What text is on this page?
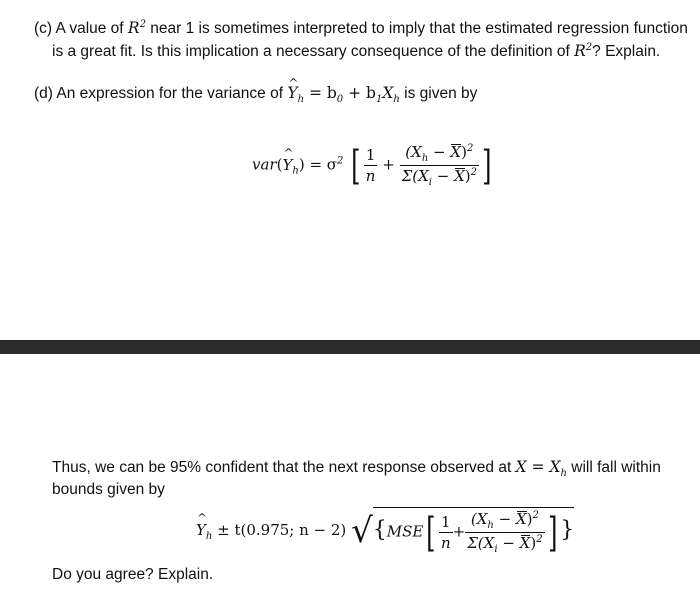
(c) A value of $R^2$ near 1 is sometimes interpreted to imply that the estimated regression function
is a great fit. Is this implication a necessary consequence of the definition of $R^2$? Explain.
(d) An expression for the variance of ^ $Y_h = b_0 + b_1X_h$ is given by
var(^ $Y_h) = \sigma^2$ [ $\frac{1}{n} + \frac{(X_h - X)^2}{\Sigma(X_i - X)^2}$ ]
Thus, we can be 95% confident that the next response observed at $X = X_h$ will fall within
bounds given by
^ $Y_h \pm t(0.975$; n − 2) $√\{MSE[ \frac{1}{n} + \frac{(X_h - X)^2}{\Sigma(X_i - X)^2}$ ] }
Do you agree? Explain.
